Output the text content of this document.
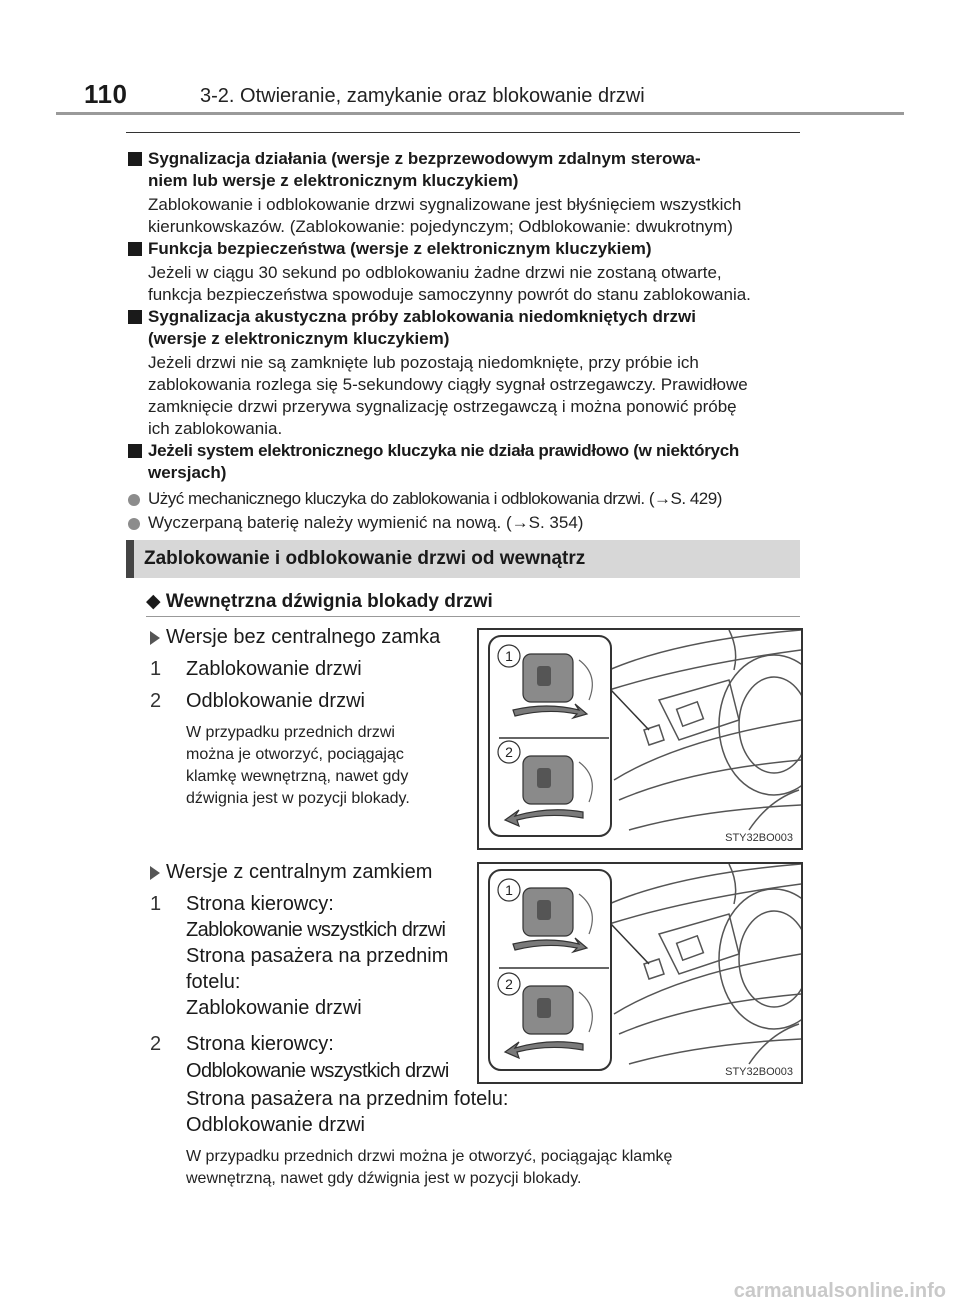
110	3-2. Otwieranie, zamykanie oraz blokowanie drzwi
Sygnalizacja działania (wersje z bezprzewodowym zdalnym sterowa-
niem lub wersje z elektronicznym kluczykiem)
Zablokowanie i odblokowanie drzwi sygnalizowane jest błyśnięciem wszystkich
kierunkowskazów. (Zablokowanie: pojedynczym; Odblokowanie: dwukrotnym)
Funkcja bezpieczeństwa (wersje z elektronicznym kluczykiem)
Jeżeli w ciągu 30 sekund po odblokowaniu żadne drzwi nie zostaną otwarte,
funkcja bezpieczeństwa spowoduje samoczynny powrót do stanu zablokowania.
Sygnalizacja akustyczna próby zablokowania niedomkniętych drzwi
(wersje z elektronicznym kluczykiem)
Jeżeli drzwi nie są zamknięte lub pozostają niedomknięte, przy próbie ich
zablokowania rozlega się 5-sekundowy ciągły sygnał ostrzegawczy. Prawidłowe
zamknięcie drzwi przerywa sygnalizację ostrzegawczą i można ponowić próbę
ich zablokowania.
Jeżeli system elektronicznego kluczyka nie działa prawidłowo (w niektórych
wersjach)
Użyć mechanicznego kluczyka do zablokowania i odblokowania drzwi. (→S. 429)
Wyczerpaną baterię należy wymienić na nową. (→S. 354)
Zablokowanie i odblokowanie drzwi od wewnątrz
◆ Wewnętrzna dźwignia blokady drzwi
Wersje bez centralnego zamka
1 Zablokowanie drzwi
2 Odblokowanie drzwi
W przypadku przednich drzwi
można je otworzyć, pociągając
klamkę wewnętrzną, nawet gdy
dźwignia jest w pozycji blokady.
1
2
STY32BO003
Wersje z centralnym zamkiem
1 Strona kierowcy:
Zablokowanie wszystkich drzwi
Strona pasażera na przednim
fotelu:
Zablokowanie drzwi
2 Strona kierowcy:
Odblokowanie wszystkich drzwi
Strona pasażera na przednim fotelu:
Odblokowanie drzwi
W przypadku przednich drzwi można je otworzyć, pociągając klamkę
wewnętrzną, nawet gdy dźwignia jest w pozycji blokady.
1
2
STY32BO003
carmanualsonline.info
